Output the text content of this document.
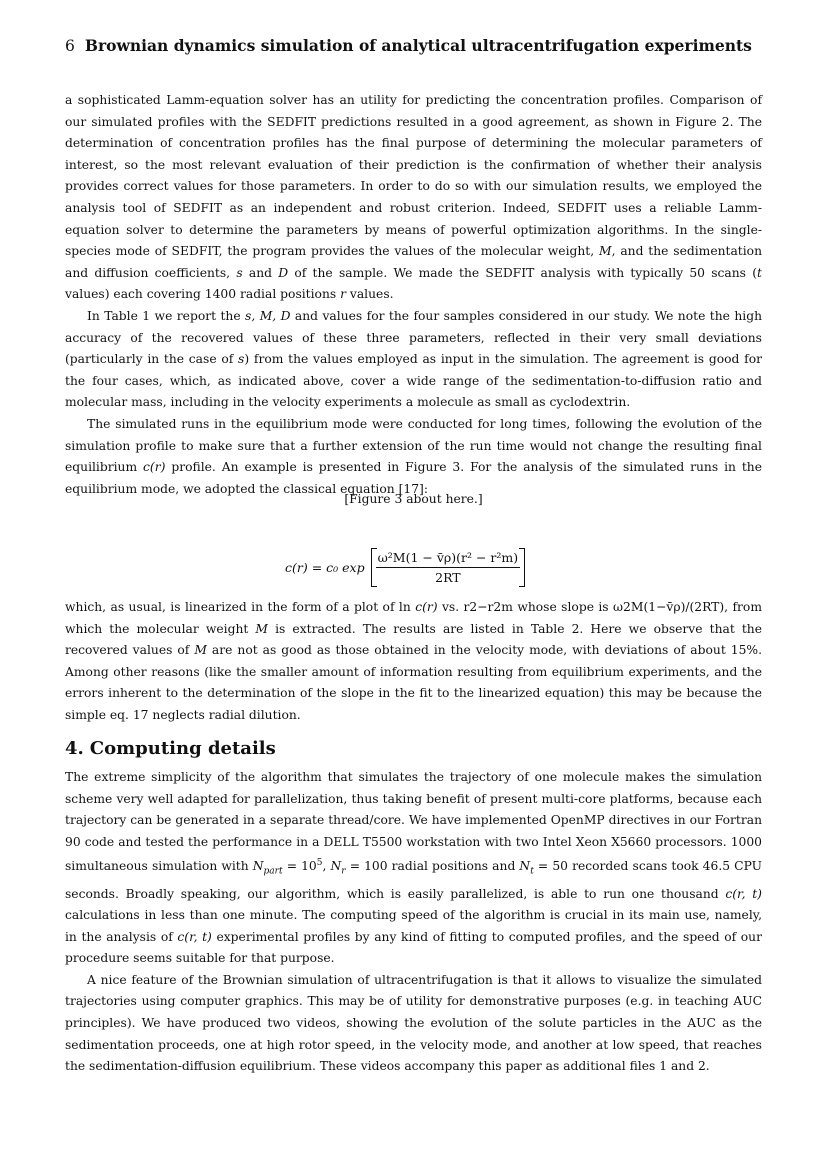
6 Brownian dynamics simulation of analytical ultracentrifugation experiments

a sophisticated Lamm-equation solver has an utility for predicting the concentration profiles. Comparison of our simulated profiles with the SEDFIT predictions resulted in a good agreement, as shown in Figure 2. The determination of concentration profiles has the final purpose of determining the molecular parameters of interest, so the most relevant evaluation of their prediction is the confirmation of whether their analysis provides correct values for those parameters. In order to do so with our simulation results, we employed the analysis tool of SEDFIT as an independent and robust criterion. Indeed, SEDFIT uses a reliable Lamm-equation solver to determine the parameters by means of powerful optimization algorithms. In the single-species mode of SEDFIT, the program provides the values of the molecular weight, M, and the sedimentation and diffusion coefficients, s and D of the sample. We made the SEDFIT analysis with typically 50 scans (t values) each covering 1400 radial positions r values.

In Table 1 we report the s, M, D and values for the four samples considered in our study. We note the high accuracy of the recovered values of these three parameters, reflected in their very small deviations (particularly in the case of s) from the values employed as input in the simulation. The agreement is good for the four cases, which, as indicated above, cover a wide range of the sedimentation-to-diffusion ratio and molecular mass, including in the velocity experiments a molecule as small as cyclodextrin.

The simulated runs in the equilibrium mode were conducted for long times, following the evolution of the simulation profile to make sure that a further extension of the run time would not change the resulting final equilibrium c(r) profile. An example is presented in Figure 3. For the analysis of the simulated runs in the equilibrium mode, we adopted the classical equation [17]:

[Figure 3 about here.]
c(r) = c₀ $\exp \frac{\text{ω²M(1 − v̄ρ)(r² − r²m)}}{2RT}$

which, as usual, is linearized in the form of a plot of ln c(r) vs. r2−r2m whose slope is ω2M(1−v̄ρ)/(2RT), from which the molecular weight M is extracted. The results are listed in Table 2. Here we observe that the recovered values of M are not as good as those obtained in the velocity mode, with deviations of about 15%. Among other reasons (like the smaller amount of information resulting from equilibrium experiments, and the errors inherent to the determination of the slope in the fit to the linearized equation) this may be because the simple eq. 17 neglects radial dilution.

4. Computing details

The extreme simplicity of the algorithm that simulates the trajectory of one molecule makes the simulation scheme very well adapted for parallelization, thus taking benefit of present multi-core platforms, because each trajectory can be generated in a separate thread/core. We have implemented OpenMP directives in our Fortran 90 code and tested the performance in a DELL T5500 workstation with two Intel Xeon X5660 processors. 1000 simultaneous simulation with $N_{part} = 10^5$, $N_r = 100$ radial positions and $N_t = 50$ recorded scans took 46.5 CPU seconds. Broadly speaking, our algorithm, which is easily parallelized, is able to run one thousand c(r, t) calculations in less than one minute. The computing speed of the algorithm is crucial in its main use, namely, in the analysis of c(r, t) experimental profiles by any kind of fitting to computed profiles, and the speed of our procedure seems suitable for that purpose.

A nice feature of the Brownian simulation of ultracentrifugation is that it allows to visualize the simulated trajectories using computer graphics. This may be of utility for demonstrative purposes (e.g. in teaching AUC principles). We have produced two videos, showing the evolution of the solute particles in the AUC as the sedimentation proceeds, one at high rotor speed, in the velocity mode, and another at low speed, that reaches the sedimentation-diffusion equilibrium. These videos accompany this paper as additional files 1 and 2.
